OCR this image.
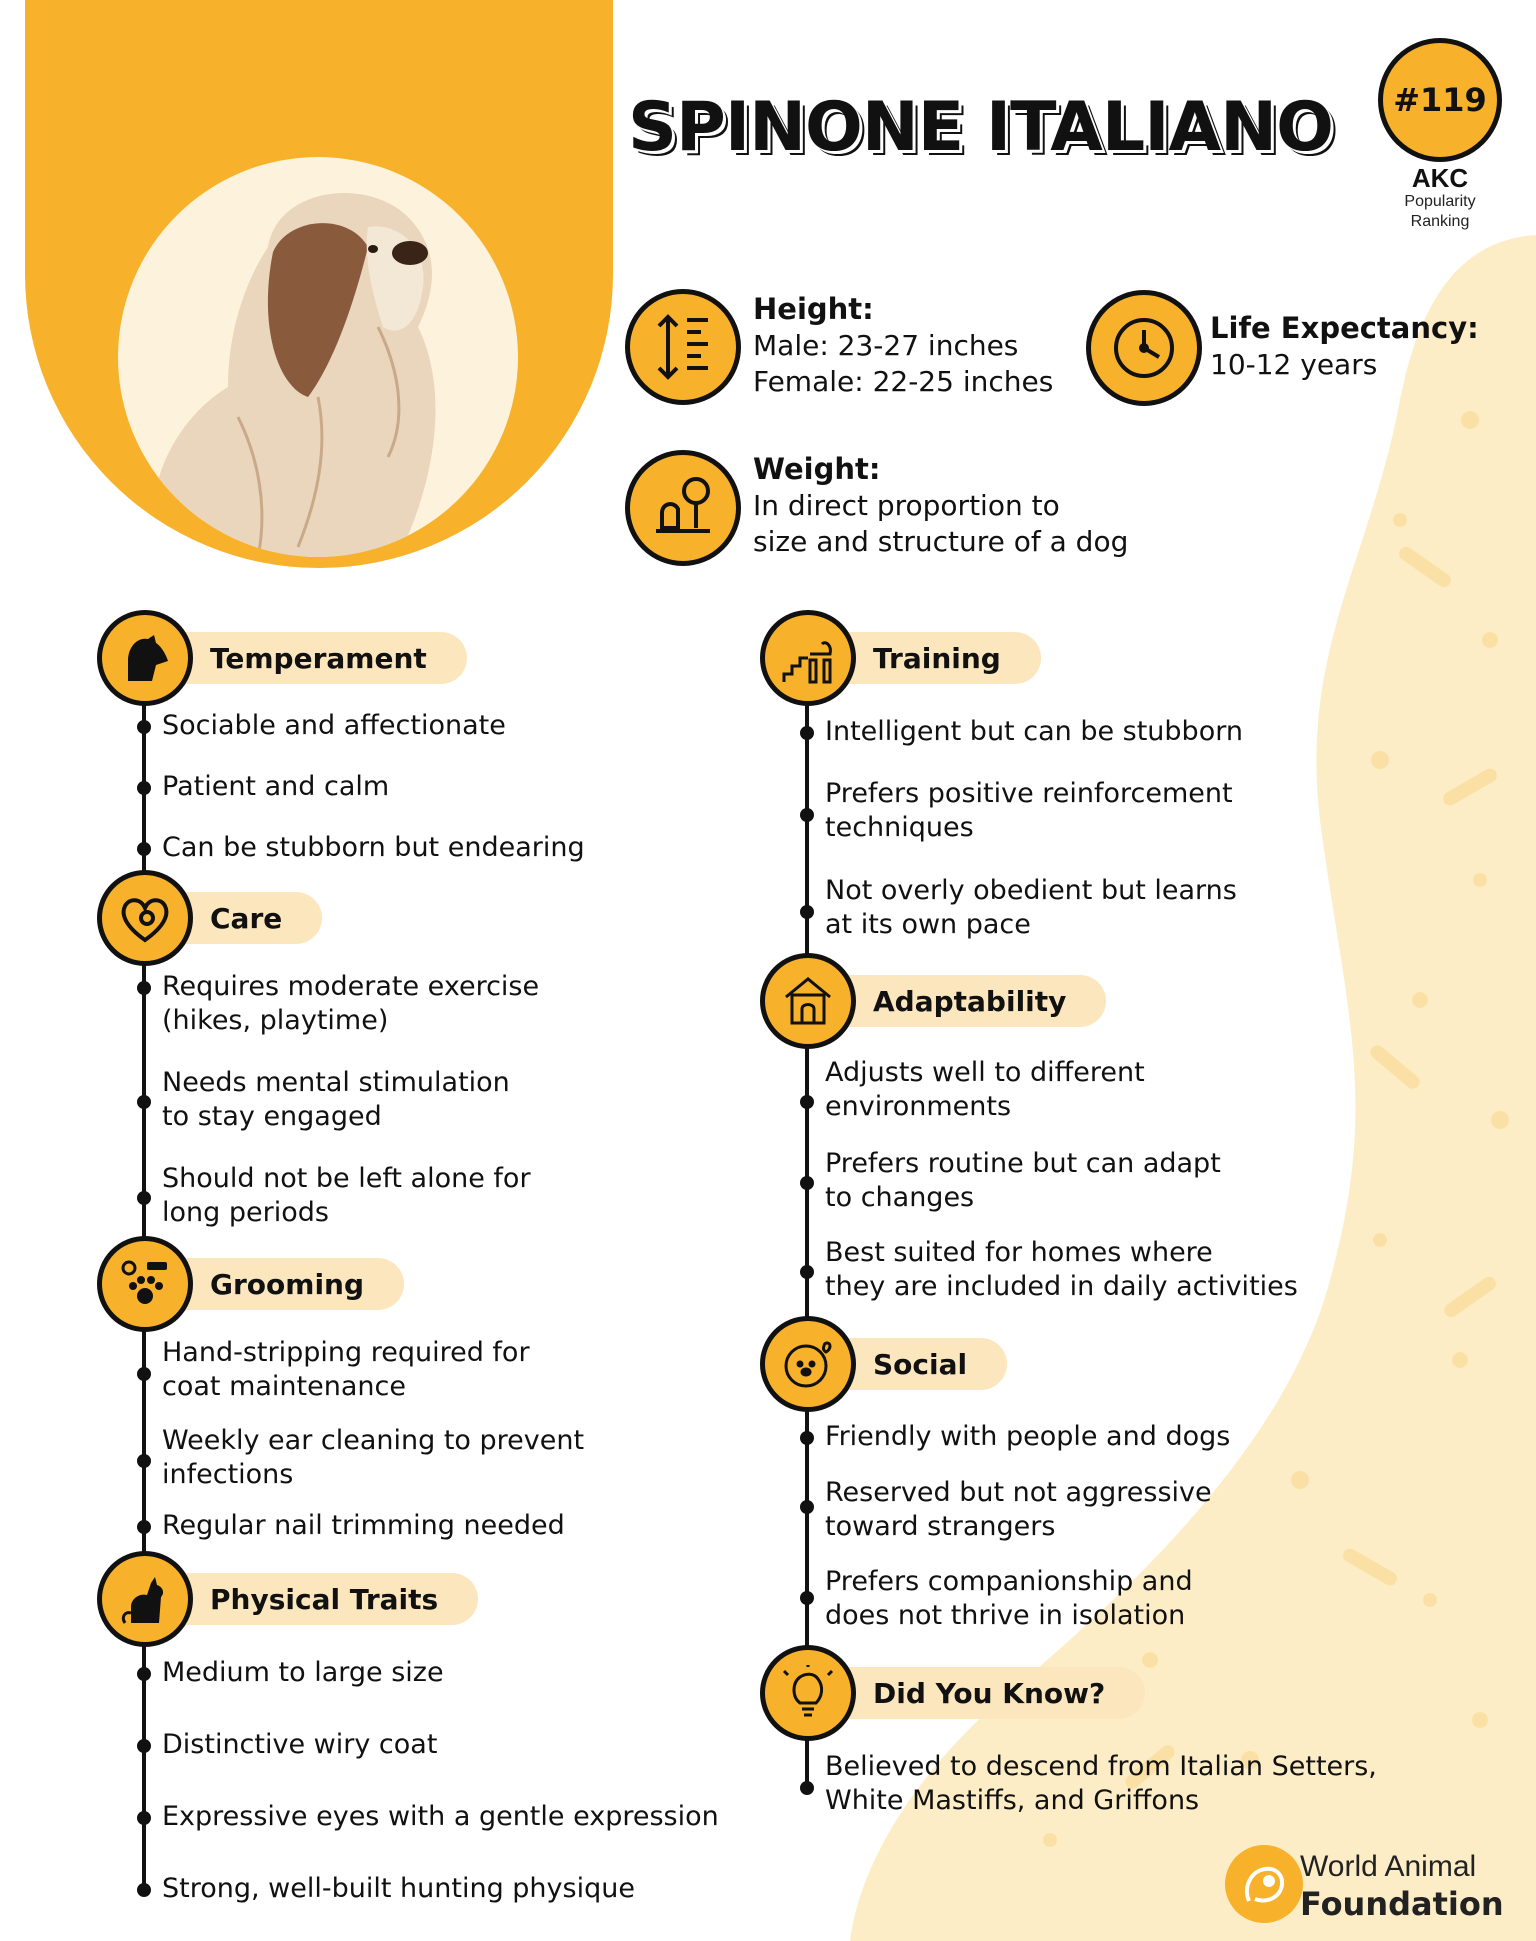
SPINONE ITALIANO	#119
AKC
Popularity
Ranking
Height:
Male: 23-27 inches
Female: 22-25 inches
Life Expectancy:
10-12 years
Weight:
In direct proportion to
size and structure of a dog
Temperament
Sociable and affectionate
Patient and calm
Can be stubborn but endearing
Care
Requires moderate exercise
(hikes, playtime)
Needs mental stimulation
to stay engaged
Should not be left alone for
long periods
Grooming
Hand-stripping required for
coat maintenance
Weekly ear cleaning to prevent
infections
Regular nail trimming needed
Physical Traits
Medium to large size
Distinctive wiry coat
Expressive eyes with a gentle expression
Strong, well-built hunting physique
Training
Intelligent but can be stubborn
Prefers positive reinforcement
techniques
Not overly obedient but learns
at its own pace
Adaptability
Adjusts well to different
environments
Prefers routine but can adapt
to changes
Best suited for homes where
they are included in daily activities
Social
Friendly with people and dogs
Reserved but not aggressive
toward strangers
Prefers companionship and
does not thrive in isolation
Did You Know?
Believed to descend from Italian Setters,
White Mastiffs, and Griffons
World Animal
Foundation
